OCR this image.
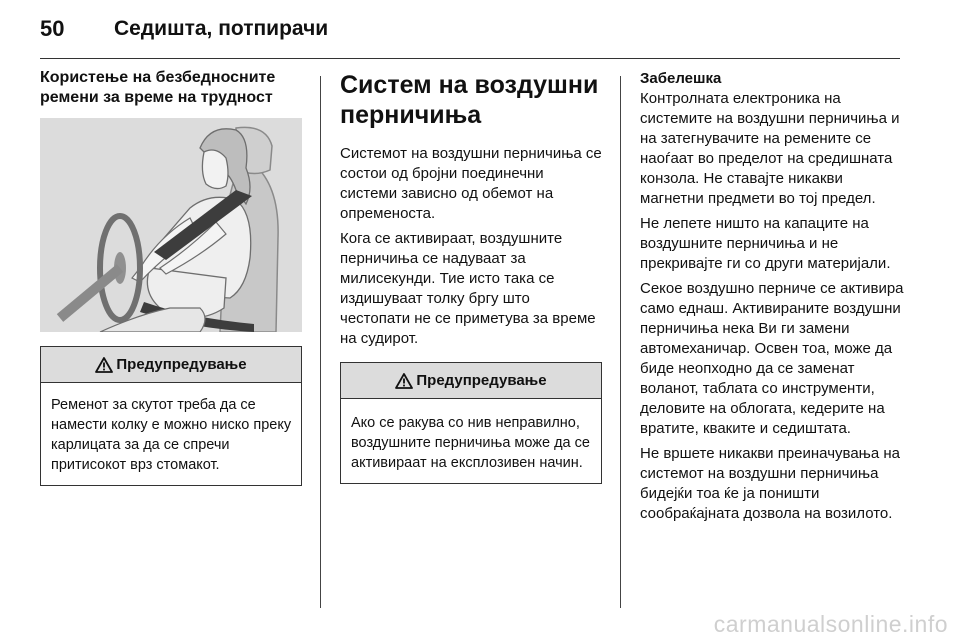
50	Седишта, потпирачи
Користење на безбедносните ремени за време на трудност
Предупредување
Ременот за скутот треба да се намести колку е можно ниско преку карлицата за да се спречи притисокот врз стомакот.
Систем на воздушни перничиња

Системот на воздушни перничиња се состои од бројни поединечни системи зависно од обемот на опременоста.

Кога се активираат, воздушните перничиња се надуваат за милисекунди. Тие исто така се издишуваат толку бргу што честопати не се приметува за време на судирот.

Предупредување
Ако се ракува со нив неправилно, воздушните перничиња може да се активираат на експлозивен начин.
Забелешка

Контролната електроника на системите на воздушни перничиња и на затегнувачите на ремените се наоѓаат во пределот на средишната конзола. Не ставајте никакви магнетни предмети во тој предел.

Не лепете ништо на капаците на воздушните перничиња и не прекривајте ги со други материјали.

Секое воздушно перниче се активира само еднаш. Активираните воздушни перничиња нека Ви ги замени автомеханичар. Освен тоа, може да биде неопходно да се заменат воланот, таблата со инструменти, деловите на облогата, кедерите на вратите, кваките и седиштата.

Не вршете никакви преиначувања на системот на воздушни перничиња бидејќи тоа ќе ја поништи сообраќајната дозвола на возилото.

carmanualsonline.info
